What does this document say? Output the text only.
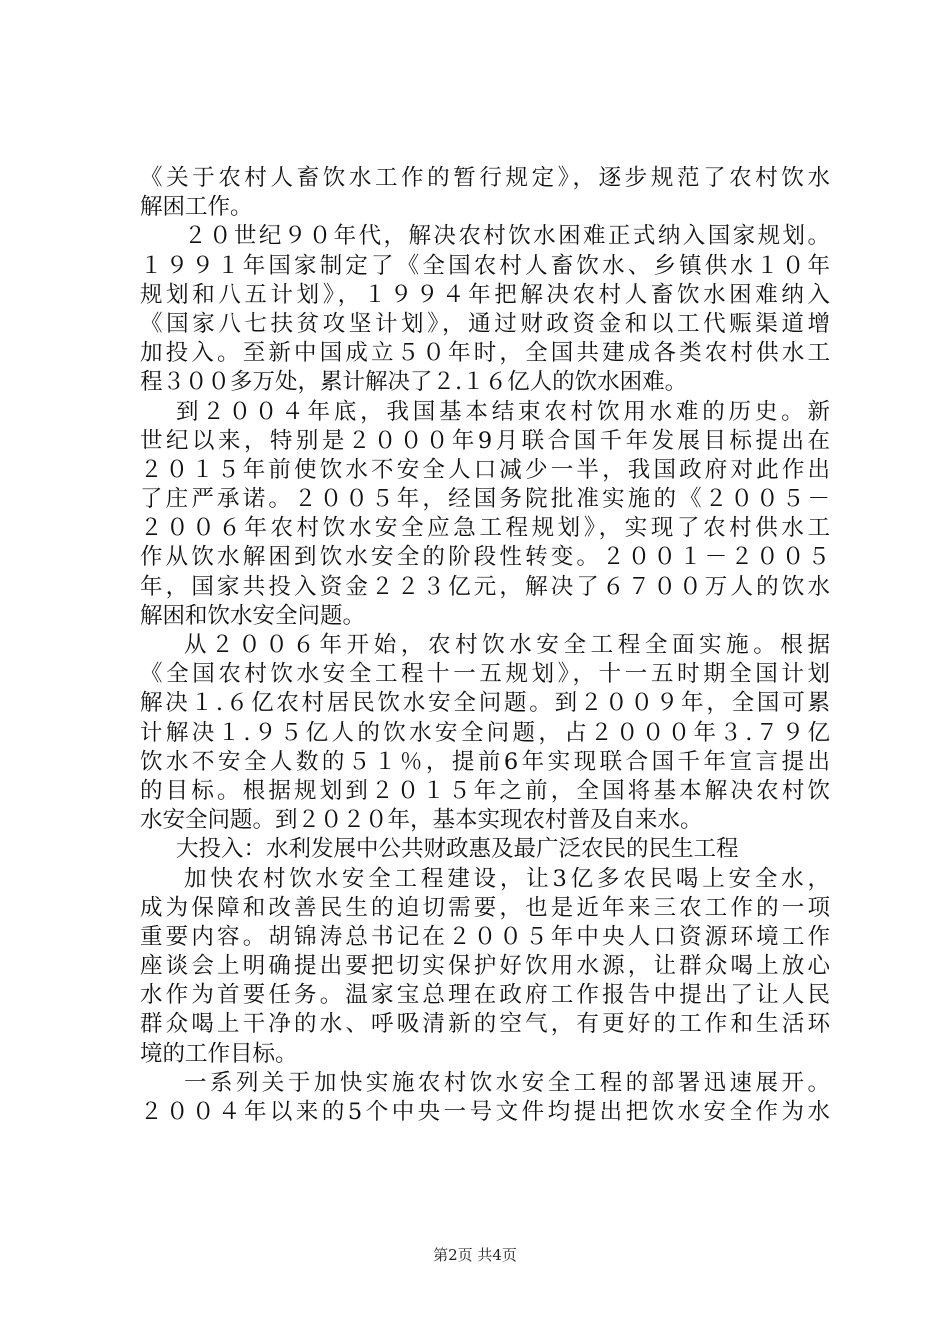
《关于农村人畜饮水工作的暂行规定》，逐步规范了农村饮水
解困工作。
２０世纪９０年代，解决农村饮水困难正式纳入国家规划。
１９９１年国家制定了《全国农村人畜饮水、乡镇供水１０年
规划和八五计划》，１９９４年把解决农村人畜饮水困难纳入
《国家八七扶贫攻坚计划》，通过财政资金和以工代赈渠道增
加投入。至新中国成立５０年时，全国共建成各类农村供水工
程３００多万处，累计解决了２.１６亿人的饮水困难。
到２００４年底，我国基本结束农村饮用水难的历史。新
世纪以来，特别是２０００年9月联合国千年发展目标提出在
２０１５年前使饮水不安全人口减少一半，我国政府对此作出
了庄严承诺。２００５年，经国务院批准实施的《２００５－
２００６年农村饮水安全应急工程规划》，实现了农村供水工
作从饮水解困到饮水安全的阶段性转变。２００１－２００５
年，国家共投入资金２２３亿元，解决了６７００万人的饮水
解困和饮水安全问题。
从２００６年开始，农村饮水安全工程全面实施。根据
《全国农村饮水安全工程十一五规划》，十一五时期全国计划
解决１.６亿农村居民饮水安全问题。到２００９年，全国可累
计解决１.９５亿人的饮水安全问题，占２０００年３.７９亿
饮水不安全人数的５１％，提前6年实现联合国千年宣言提出
的目标。根据规划到２０１５年之前，全国将基本解决农村饮
水安全问题。到２０２０年，基本实现农村普及自来水。
大投入：水利发展中公共财政惠及最广泛农民的民生工程
加快农村饮水安全工程建设，让3亿多农民喝上安全水，
成为保障和改善民生的迫切需要，也是近年来三农工作的一项
重要内容。胡锦涛总书记在２００５年中央人口资源环境工作
座谈会上明确提出要把切实保护好饮用水源，让群众喝上放心
水作为首要任务。温家宝总理在政府工作报告中提出了让人民
群众喝上干净的水、呼吸清新的空气，有更好的工作和生活环
境的工作目标。
一系列关于加快实施农村饮水安全工程的部署迅速展开。
２００４年以来的5个中央一号文件均提出把饮水安全作为水
第2页 共4页
